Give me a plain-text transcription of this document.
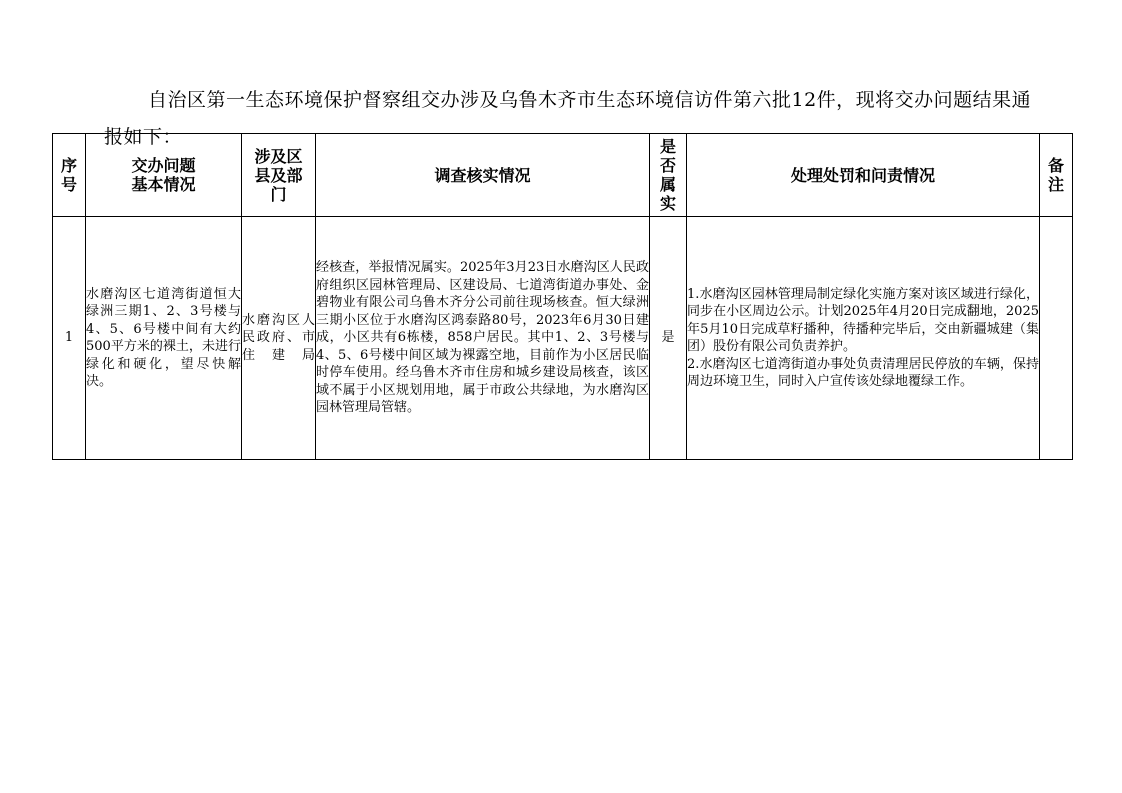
自治区第一生态环境保护督察组交办涉及乌鲁木齐市生态环境信访件第六批12件，现将交办问题结果通报如下：

序号	交办问题基本情况	涉及区县及部门	调查核实情况	是否属实	处理处罚和问责情况	备注
1	水磨沟区七道湾街道恒大绿洲三期1、2、3号楼与4、5、6号楼中间有大约500平方米的裸土，未进行绿化和硬化，望尽快解决。	水磨沟区人民政府、市住建局	经核查，举报情况属实。2025年3月23日水磨沟区人民政府组织区园林管理局、区建设局、七道湾街道办事处、金碧物业有限公司乌鲁木齐分公司前往现场核查。恒大绿洲三期小区位于水磨沟区鸿泰路80号，2023年6月30日建成，小区共有6栋楼，858户居民。其中1、2、3号楼与4、5、6号楼中间区域为裸露空地，目前作为小区居民临时停车使用。经乌鲁木齐市住房和城乡建设局核查，该区域不属于小区规划用地，属于市政公共绿地，为水磨沟区园林管理局管辖。	是	1.水磨沟区园林管理局制定绿化实施方案对该区域进行绿化，同步在小区周边公示。计划2025年4月20日完成翻地，2025年5月10日完成草籽播种，待播种完毕后，交由新疆城建（集团）股份有限公司负责养护。
2.水磨沟区七道湾街道办事处负责清理居民停放的车辆，保持周边环境卫生，同时入户宣传该处绿地覆绿工作。	
